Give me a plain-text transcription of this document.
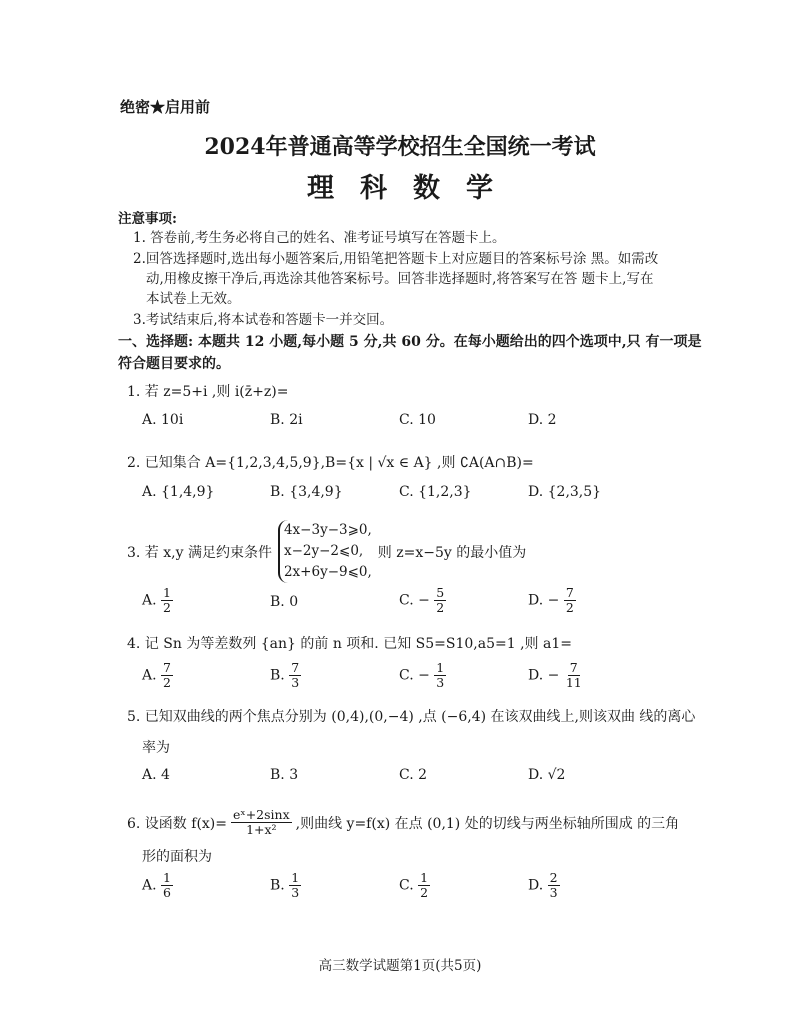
绝密★启用前
2024年普通高等学校招生全国统一考试
理科数学
注意事项:
1. 答卷前,考生务必将自己的姓名、准考证号填写在答题卡上。
2.回答选择题时,选出每小题答案后,用铅笔把答题卡上对应题目的答案标号涂 黑。如需改
动,用橡皮擦干净后,再选涂其他答案标号。回答非选择题时,将答案写在答 题卡上,写在
本试卷上无效。
3.考试结束后,将本试卷和答题卡一并交回。
一、选择题: 本题共 12 小题,每小题 5 分,共 60 分。在每小题给出的四个选项中,只 有一项是符合题目要求的。
1. 若 z=5+i ,则 i(z̄+z)=
A. 10i	B. 2i	C. 10	D. 2
2. 已知集合 A={1,2,3,4,5,9},B={x | √x ∈ A} ,则 ∁A(A∩B)=
A. {1,4,9}	B. {3,4,9}	C. {1,2,3}	D. {2,3,5}
3. 若 x,y 满足约束条件
4x−3y−3⩾0,
x−2y−2⩽0,
2x+6y−9⩽0,
则 z=x−5y 的最小值为
A. $\frac{1}{2}$	B. 0	C. − $\frac{5}{2}$	D. − $\frac{7}{2}$
4. 记 Sn 为等差数列 {an} 的前 n 项和. 已知 S5=S10,a5=1 ,则 a1=
A. $\frac{7}{2}$	B. $\frac{7}{3}$	C. − $\frac{1}{3}$	D. − $\frac{7}{11}$
5. 已知双曲线的两个焦点分别为 (0,4),(0,−4) ,点 (−6,4) 在该双曲线上,则该双曲 线的离心
率为
A. 4	B. 3	C. 2	D. √2
6. 设函数 $f(x)= \frac{\text{eˣ+2sinx}}{\text{1+x²}}$ ,则曲线 y=f(x) 在点 (0,1) 处的切线与两坐标轴所围成 的三角
形的面积为
A. $\frac{1}{6}$	B. $\frac{1}{3}$	C. $\frac{1}{2}$	D. $\frac{2}{3}$
高三数学试题第1页(共5页)
